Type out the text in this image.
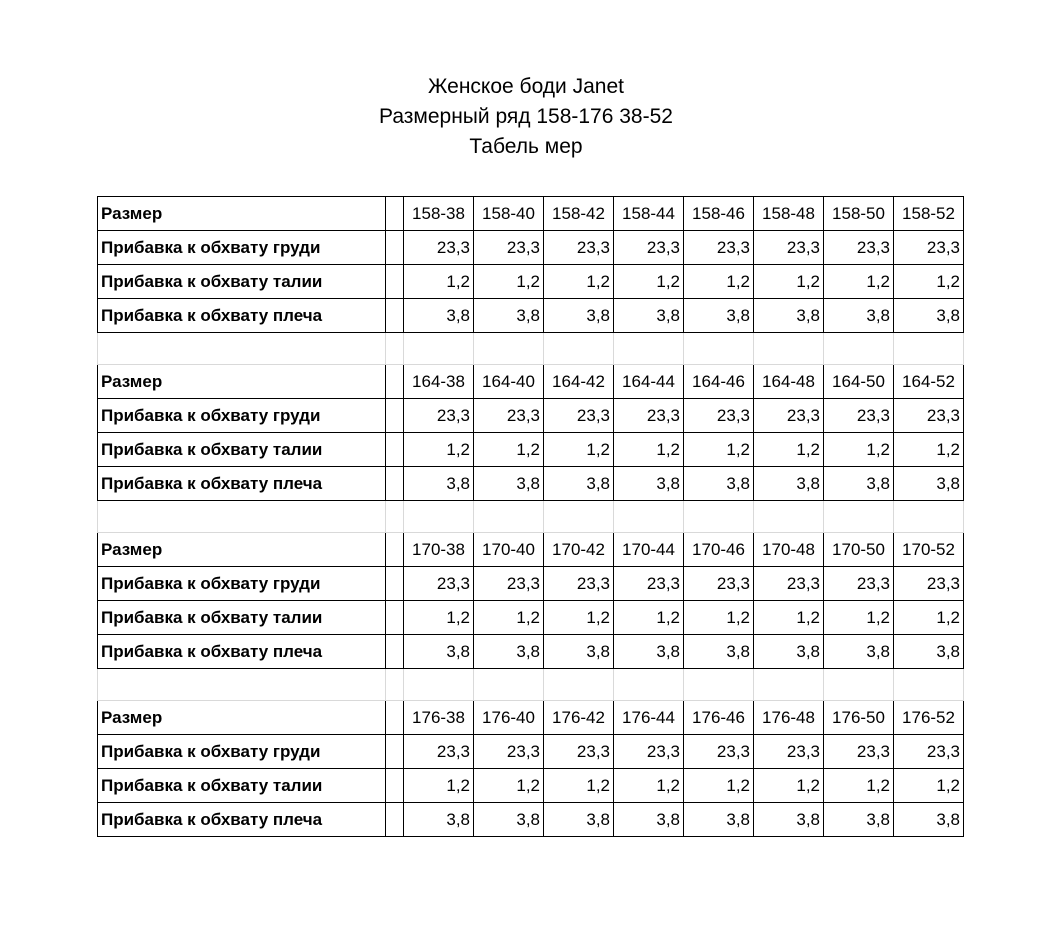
Женское боди Janet
Размерный ряд 158-176 38-52
Табель мер
Размер		158-38	158-40	158-42	158-44	158-46	158-48	158-50	158-52
Прибавка к обхвату груди		23,3	23,3	23,3	23,3	23,3	23,3	23,3	23,3
Прибавка к обхвату талии		1,2	1,2	1,2	1,2	1,2	1,2	1,2	1,2
Прибавка к обхвату плеча		3,8	3,8	3,8	3,8	3,8	3,8	3,8	3,8

Размер		164-38	164-40	164-42	164-44	164-46	164-48	164-50	164-52
Прибавка к обхвату груди		23,3	23,3	23,3	23,3	23,3	23,3	23,3	23,3
Прибавка к обхвату талии		1,2	1,2	1,2	1,2	1,2	1,2	1,2	1,2
Прибавка к обхвату плеча		3,8	3,8	3,8	3,8	3,8	3,8	3,8	3,8

Размер		170-38	170-40	170-42	170-44	170-46	170-48	170-50	170-52
Прибавка к обхвату груди		23,3	23,3	23,3	23,3	23,3	23,3	23,3	23,3
Прибавка к обхвату талии		1,2	1,2	1,2	1,2	1,2	1,2	1,2	1,2
Прибавка к обхвату плеча		3,8	3,8	3,8	3,8	3,8	3,8	3,8	3,8

Размер		176-38	176-40	176-42	176-44	176-46	176-48	176-50	176-52
Прибавка к обхвату груди		23,3	23,3	23,3	23,3	23,3	23,3	23,3	23,3
Прибавка к обхвату талии		1,2	1,2	1,2	1,2	1,2	1,2	1,2	1,2
Прибавка к обхвату плеча		3,8	3,8	3,8	3,8	3,8	3,8	3,8	3,8
